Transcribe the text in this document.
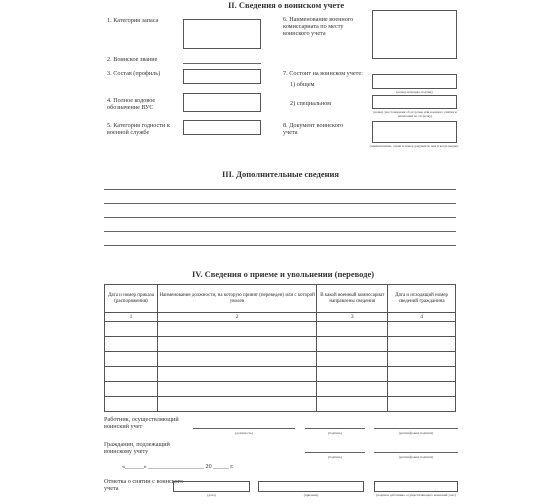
II. Сведения о воинском учете
1. Категория запаса
2. Воинское звание
3. Состав (профиль)
4. Полное кодовое обозначение ВУС
5. Категория годности к военной службе
6. Наименование военного комиссариата по месту воинского учета
7. Состоит на воинском учете:
1) общем
(номер команды, партии)
2) специальном
(номер удостоверения об отсрочке или военного снятия и написания на отсрочку)
8. Документ воинского учета
(наименование, серия и номер документа, кем и когда выдан)
III. Дополнительные сведения
IV. Сведения о приеме и увольнении (переводе)
Дата и номер приказа (распоряжения)	Наименование должности, на которую принят (переведен) или с которой уволен	В какой военный комиссариат направлены сведения	Дата и исходящий номер сведений гражданина
1	2	3	4

Работник, осуществляющий воинский учет
(должность)	(подпись)	(расшифровка подписи)
Гражданин, подлежащий воинскому учету
(подпись)	(расшифровка подписи)
«______» __________________ 20 _____ г.
Отметка о снятии с воинского учета
(дата)	(причина)	(подпись работника, осуществляющего воинский учет)
